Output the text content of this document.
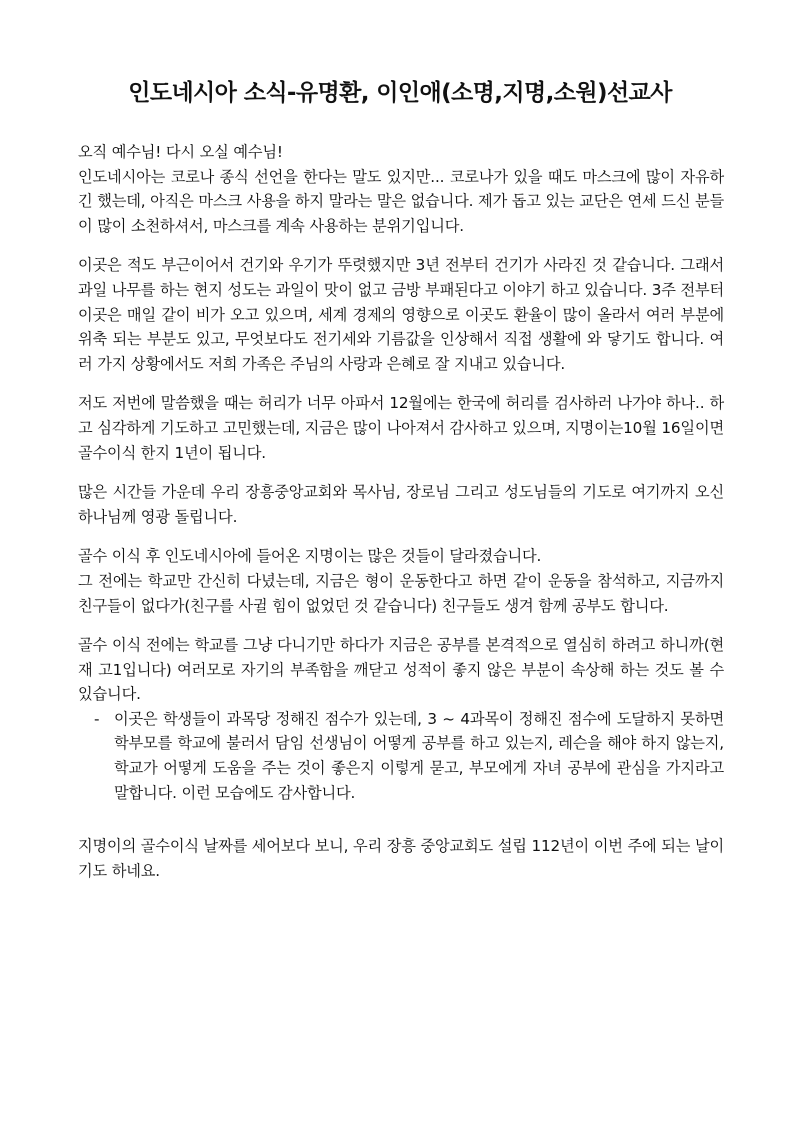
인도네시아 소식-유명환, 이인애(소명,지명,소원)선교사

오직 예수님! 다시 오실 예수님!
인도네시아는 코로나 종식 선언을 한다는 말도 있지만... 코로나가 있을 때도 마스크에 많이 자유하긴 했는데, 아직은 마스크 사용을 하지 말라는 말은 없습니다. 제가 돕고 있는 교단은 연세 드신 분들이 많이 소천하셔서, 마스크를 계속 사용하는 분위기입니다.

이곳은 적도 부근이어서 건기와 우기가 뚜렷했지만 3년 전부터 건기가 사라진 것 같습니다. 그래서 과일 나무를 하는 현지 성도는 과일이 맛이 없고 금방 부패된다고 이야기 하고 있습니다. 3주 전부터 이곳은 매일 같이 비가 오고 있으며, 세계 경제의 영향으로 이곳도 환율이 많이 올라서 여러 부분에 위축 되는 부분도 있고, 무엇보다도 전기세와 기름값을 인상해서 직접 생활에 와 닿기도 합니다. 여러 가지 상황에서도 저희 가족은 주님의 사랑과 은혜로 잘 지내고 있습니다.

저도 저번에 말씀했을 때는 허리가 너무 아파서 12월에는 한국에 허리를 검사하러 나가야 하나.. 하고 심각하게 기도하고 고민했는데, 지금은 많이 나아져서 감사하고 있으며, 지명이는10월 16일이면 골수이식 한지 1년이 됩니다.

많은 시간들 가운데 우리 장흥중앙교회와 목사님, 장로님 그리고 성도님들의 기도로 여기까지 오신 하나님께 영광 돌립니다.

골수 이식 후 인도네시아에 들어온 지명이는 많은 것들이 달라졌습니다.
그 전에는 학교만 간신히 다녔는데, 지금은 형이 운동한다고 하면 같이 운동을 참석하고, 지금까지 친구들이 없다가(친구를 사귈 힘이 없었던 것 같습니다) 친구들도 생겨 함께 공부도 합니다.

골수 이식 전에는 학교를 그냥 다니기만 하다가 지금은 공부를 본격적으로 열심히 하려고 하니까(현재 고1입니다) 여러모로 자기의 부족함을 깨닫고 성적이 좋지 않은 부분이 속상해 하는 것도 볼 수 있습니다.

- 이곳은 학생들이 과목당 정해진 점수가 있는데, 3 ~ 4과목이 정해진 점수에 도달하지 못하면 학부모를 학교에 불러서 담임 선생님이 어떻게 공부를 하고 있는지, 레슨을 해야 하지 않는지, 학교가 어떻게 도움을 주는 것이 좋은지 이렇게 묻고, 부모에게 자녀 공부에 관심을 가지라고 말합니다. 이런 모습에도 감사합니다.

지명이의 골수이식 날짜를 세어보다 보니, 우리 장흥 중앙교회도 설립 112년이 이번 주에 되는 날이기도 하네요.
